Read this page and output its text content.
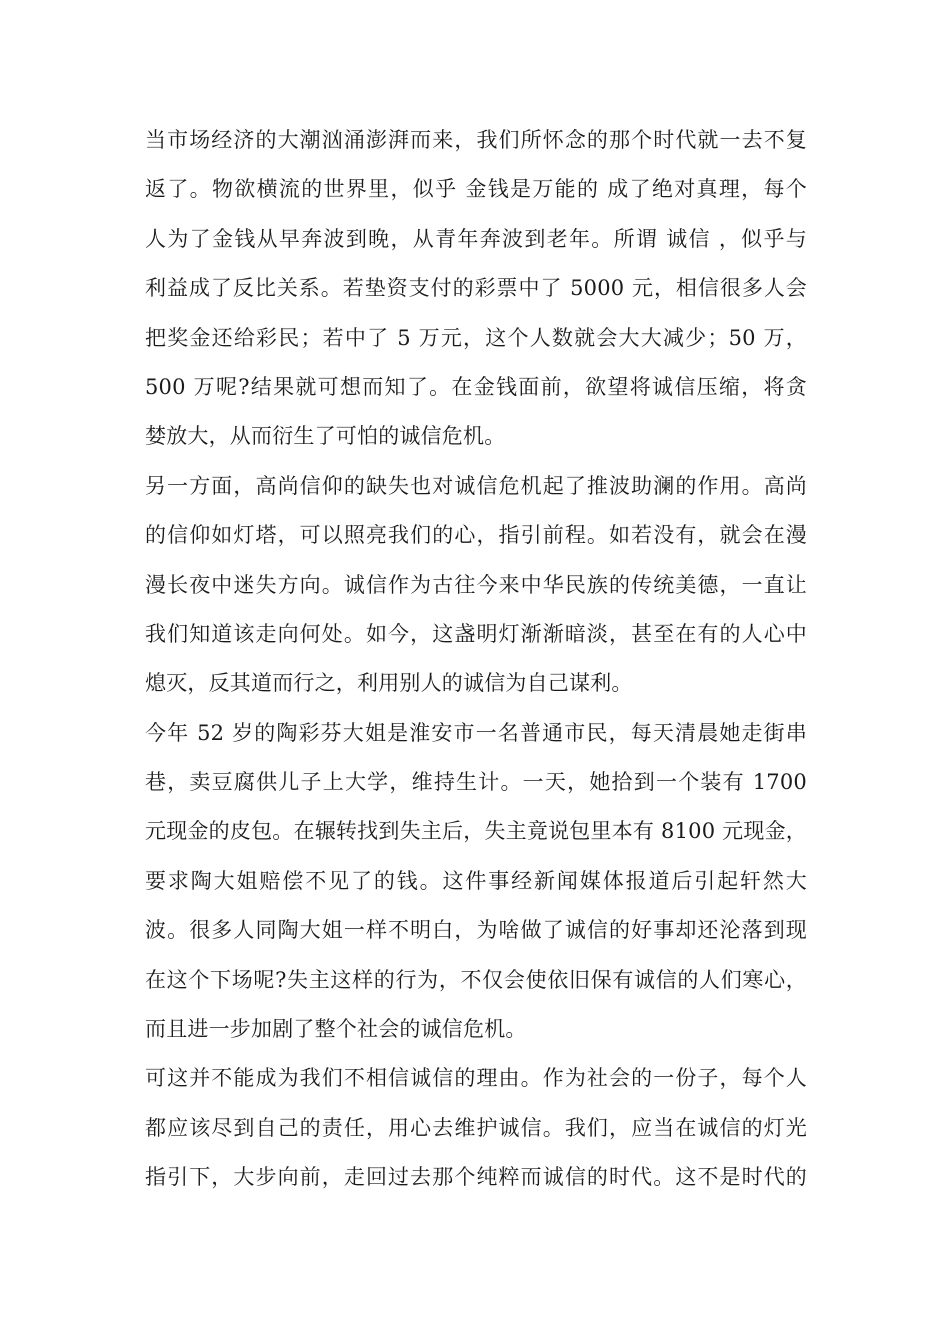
当市场经济的大潮汹涌澎湃而来，我们所怀念的那个时代就一去不复
返了。物欲横流的世界里，似乎 金钱是万能的 成了绝对真理，每个
人为了金钱从早奔波到晚，从青年奔波到老年。所谓 诚信 ，似乎与
利益成了反比关系。若垫资支付的彩票中了 5000 元，相信很多人会
把奖金还给彩民；若中了 5 万元，这个人数就会大大减少；50 万，
500 万呢?结果就可想而知了。在金钱面前，欲望将诚信压缩，将贪
婪放大，从而衍生了可怕的诚信危机。
另一方面，高尚信仰的缺失也对诚信危机起了推波助澜的作用。高尚
的信仰如灯塔，可以照亮我们的心，指引前程。如若没有，就会在漫
漫长夜中迷失方向。诚信作为古往今来中华民族的传统美德，一直让
我们知道该走向何处。如今，这盏明灯渐渐暗淡，甚至在有的人心中
熄灭，反其道而行之，利用别人的诚信为自己谋利。
今年 52 岁的陶彩芬大姐是淮安市一名普通市民，每天清晨她走街串
巷，卖豆腐供儿子上大学，维持生计。一天，她拾到一个装有 1700
元现金的皮包。在辗转找到失主后，失主竟说包里本有 8100 元现金，
要求陶大姐赔偿不见了的钱。这件事经新闻媒体报道后引起轩然大
波。很多人同陶大姐一样不明白，为啥做了诚信的好事却还沦落到现
在这个下场呢?失主这样的行为，不仅会使依旧保有诚信的人们寒心，
而且进一步加剧了整个社会的诚信危机。
可这并不能成为我们不相信诚信的理由。作为社会的一份子，每个人
都应该尽到自己的责任，用心去维护诚信。我们，应当在诚信的灯光
指引下，大步向前，走回过去那个纯粹而诚信的时代。这不是时代的
